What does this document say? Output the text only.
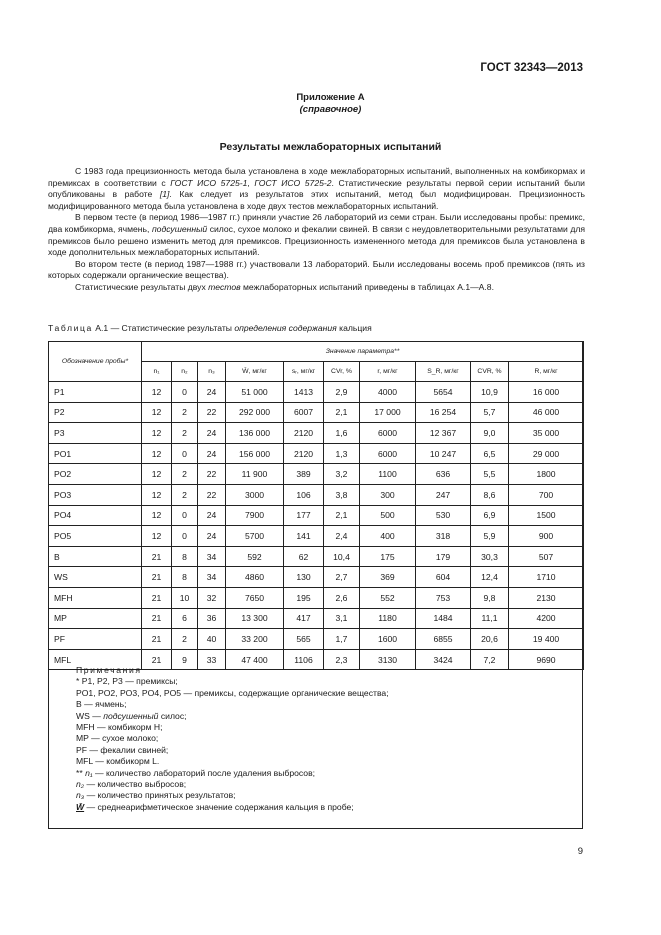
ГОСТ 32343—2013
Приложение А
(справочное)
Результаты межлабораторных испытаний

С 1983 года прецизионность метода была установлена в ходе межлабораторных испытаний, выполненных на комбикормах и премиксах в соответствии с ГОСТ ИСО 5725-1, ГОСТ ИСО 5725-2. Статистические результаты первой серии испытаний были опубликованы в работе [1]. Как следует из результатов этих испытаний, метод был модифицирован. Прецизионность модифицированного метода была установлена в ходе двух тестов межлабораторных испытаний.

В первом тесте (в период 1986—1987 гг.) приняли участие 26 лабораторий из семи стран. Были исследованы пробы: премикс, два комбикорма, ячмень, подсушенный силос, сухое молоко и фекалии свиней. В связи с неудовлетворительными результатами для премиксов было решено изменить метод для премиксов. Прецизионность измененного метода для премиксов была установлена в ходе дополнительных межлабораторных испытаний.

Во втором тесте (в период 1987—1988 гг.) участвовали 13 лабораторий. Были исследованы восемь проб премиксов (пять из которых содержали органические вещества).

Статистические результаты двух тестов межлабораторных испытаний приведены в таблицах А.1—А.8.

Таблица А.1 — Статистические результаты определения содержания кальция
Обозначение пробы*	Значение параметра**									
	n₁	n₂	n₃	W̄, мг/кг	sᵣ, мг/кг	CVr, %	r, мг/кг	S_R, мг/кг	CVR, %	R, мг/кг
P1	12	0	24	51 000	1413	2,9	4000	5654	10,9	16 000
P2	12	2	22	292 000	6007	2,1	17 000	16 254	5,7	46 000
P3	12	2	24	136 000	2120	1,6	6000	12 367	9,0	35 000
PO1	12	0	24	156 000	2120	1,3	6000	10 247	6,5	29 000
PO2	12	2	22	11 900	389	3,2	1100	636	5,5	1800
PO3	12	2	22	3000	106	3,8	300	247	8,6	700
PO4	12	0	24	7900	177	2,1	500	530	6,9	1500
PO5	12	0	24	5700	141	2,4	400	318	5,9	900
B	21	8	34	592	62	10,4	175	179	30,3	507
WS	21	8	34	4860	130	2,7	369	604	12,4	1710
MFH	21	10	32	7650	195	2,6	552	753	9,8	2130
MP	21	6	36	13 300	417	3,1	1180	1484	11,1	4200
PF	21	2	40	33 200	565	1,7	1600	6855	20,6	19 400
MFL	21	9	33	47 400	1106	2,3	3130	3424	7,2	9690
Примечания
* P1, P2, P3 — премиксы;
PO1, PO2, PO3, PO4, PO5 — премиксы, содержащие органические вещества;
B — ячмень;
WS — подсушенный силос;
MFH — комбикорм H;
MP — сухое молоко;
PF — фекалии свиней;
MFL — комбикорм L.
** n₁ — количество лабораторий после удаления выбросов;
n₂ — количество выбросов;
n₃ — количество принятых результатов;
W̄ — среднеарифметическое значение содержания кальция в пробе;
9
